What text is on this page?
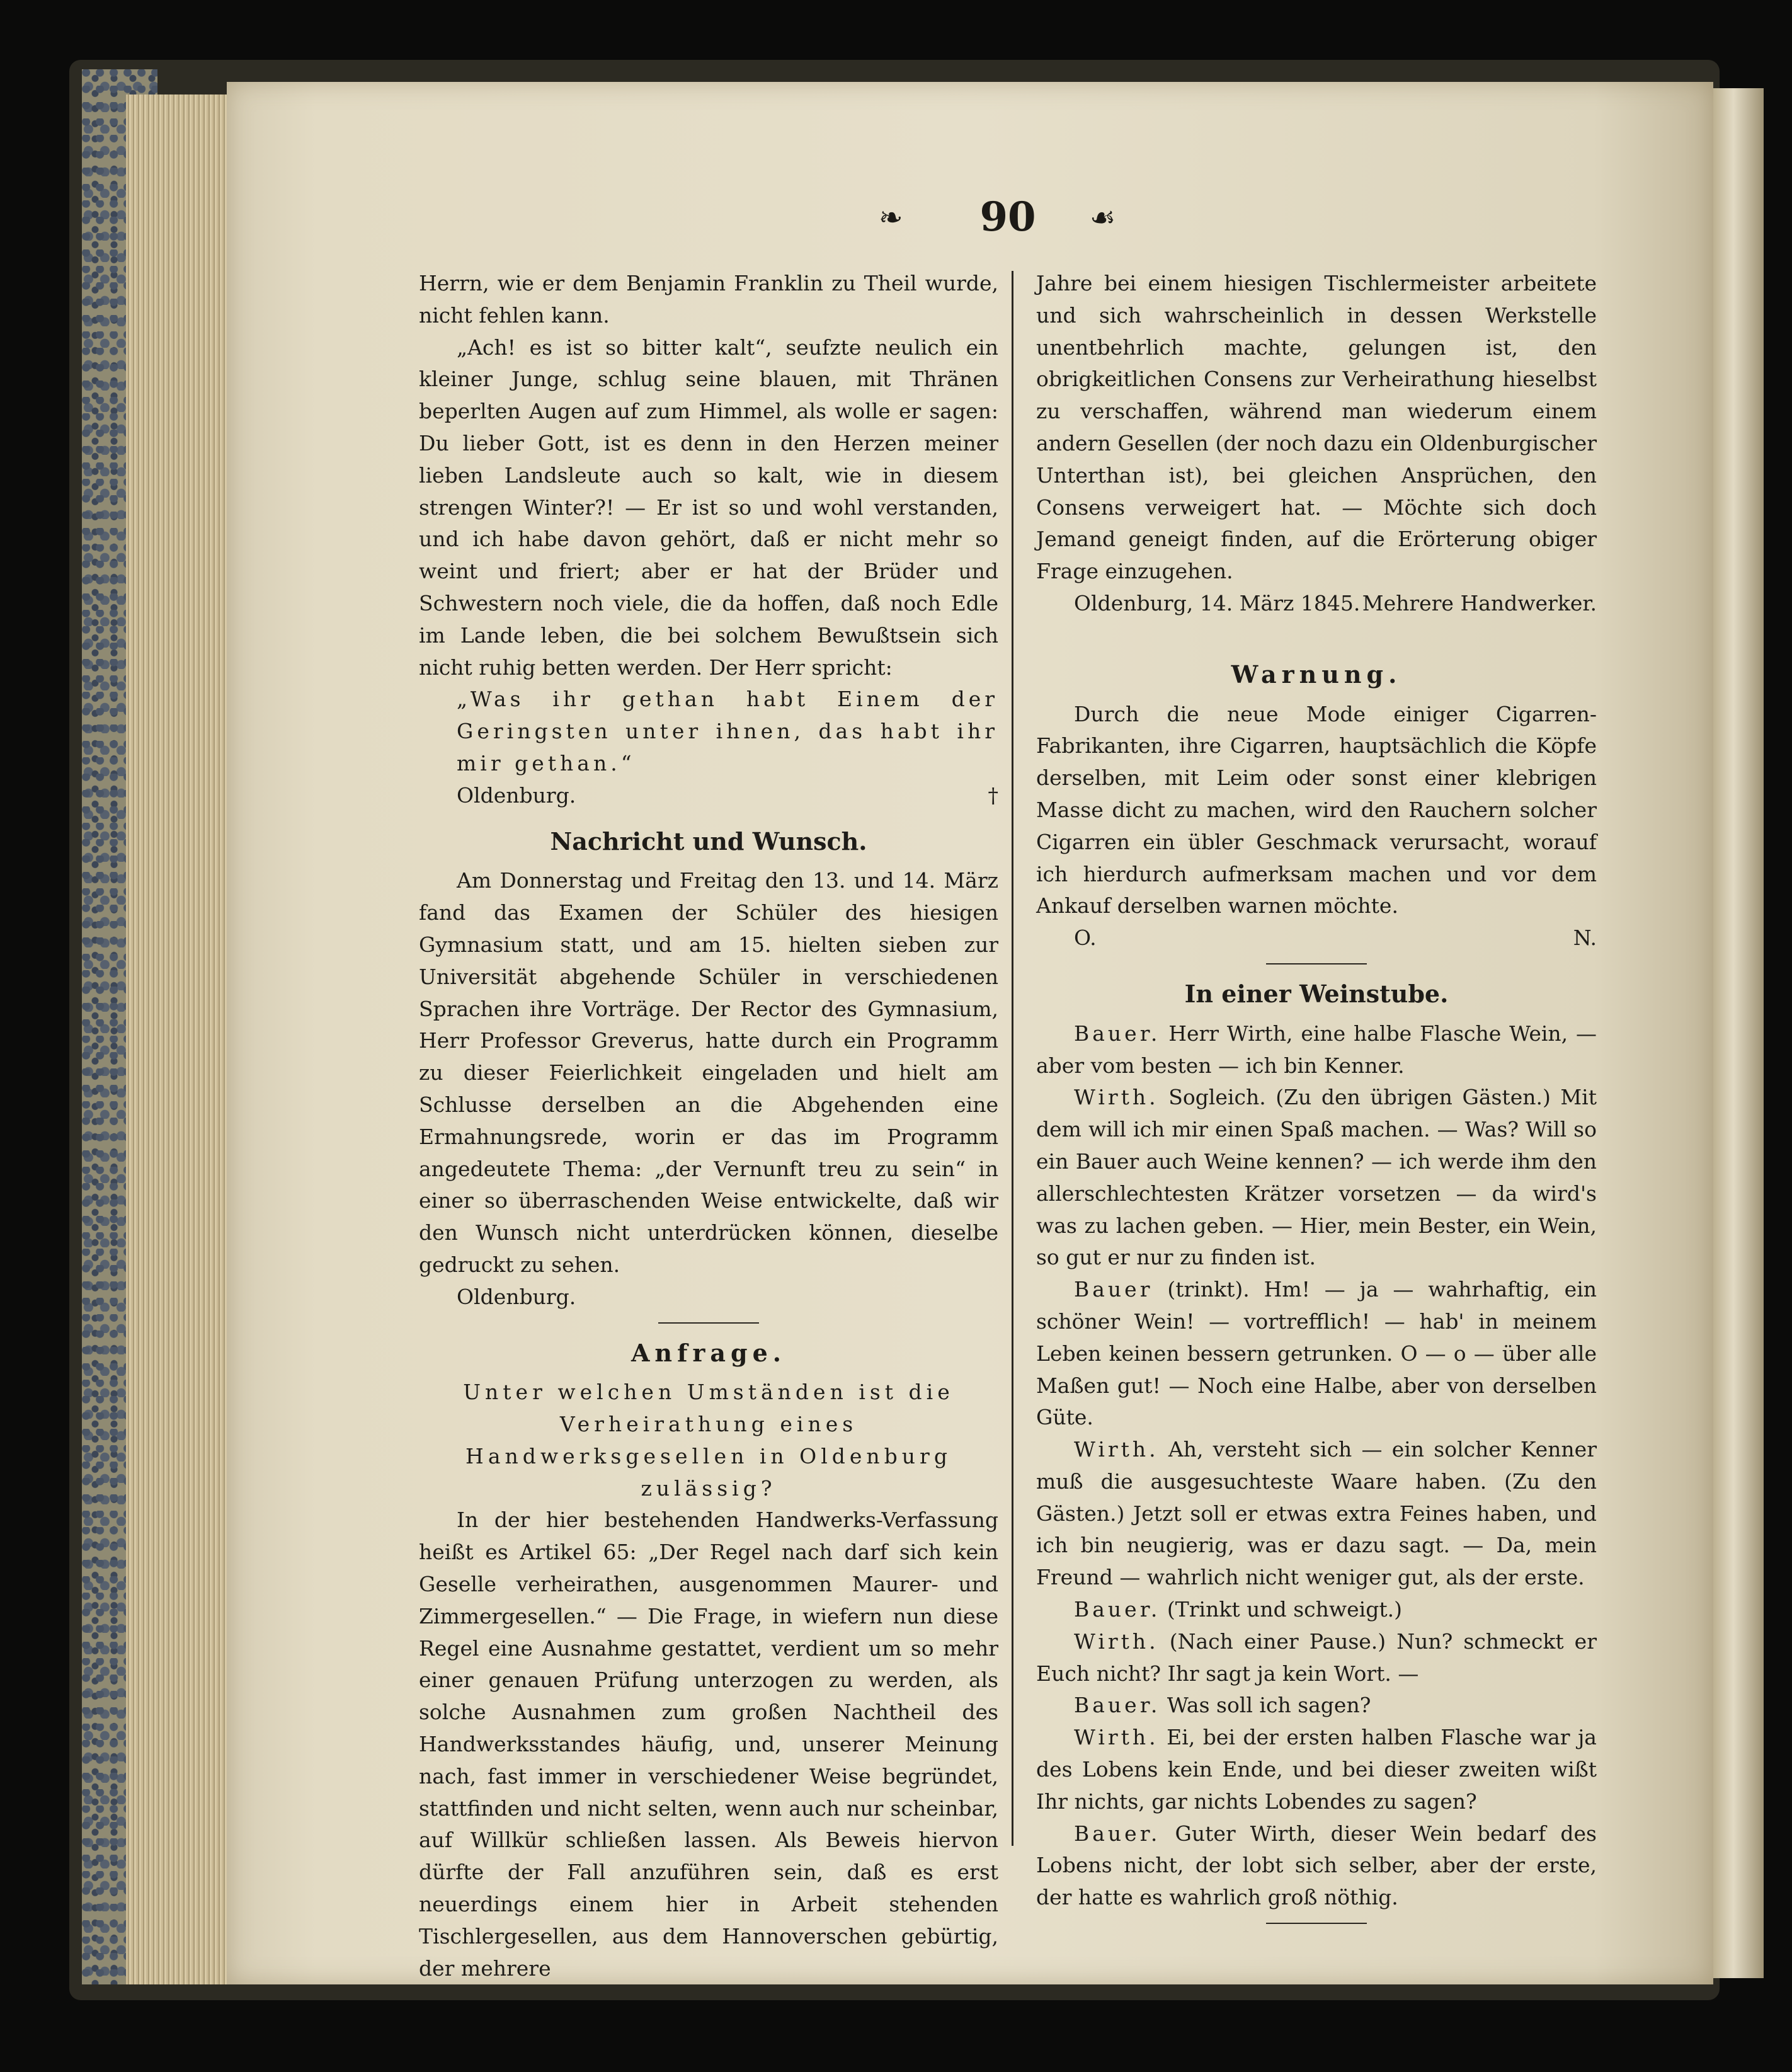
❧	90	☙

Herrn, wie er dem Benjamin Franklin zu Theil wurde, nicht fehlen kann.

„Ach! es ist so bitter kalt“, seufzte neulich ein kleiner Junge, schlug seine blauen, mit Thränen beperlten Augen auf zum Himmel, als wolle er sagen: Du lieber Gott, ist es denn in den Herzen meiner lieben Landsleute auch so kalt, wie in diesem strengen Winter?! — Er ist so und wohl verstanden, und ich habe davon gehört, daß er nicht mehr so weint und friert; aber er hat der Brüder und Schwestern noch viele, die da hoffen, daß noch Edle im Lande leben, die bei solchem Bewußtsein sich nicht ruhig betten werden. Der Herr spricht:

„Was ihr gethan habt Einem der Geringsten unter ihnen, das habt ihr mir gethan.“

Oldenburg.	†

Nachricht und Wunsch.

Am Donnerstag und Freitag den 13. und 14. März fand das Examen der Schüler des hiesigen Gymnasium statt, und am 15. hielten sieben zur Universität abgehende Schüler in verschiedenen Sprachen ihre Vorträge. Der Rector des Gymnasium, Herr Professor Greverus, hatte durch ein Programm zu dieser Feierlichkeit eingeladen und hielt am Schlusse derselben an die Abgehenden eine Ermahnungsrede, worin er das im Programm angedeutete Thema: „der Vernunft treu zu sein“ in einer so überraschenden Weise entwickelte, daß wir den Wunsch nicht unterdrücken können, dieselbe gedruckt zu sehen.

Oldenburg.

Anfrage.

Unter welchen Umständen ist die Verheirathung eines Handwerksgesellen in Oldenburg zulässig?

In der hier bestehenden Handwerks-Verfassung heißt es Artikel 65: „Der Regel nach darf sich kein Geselle verheirathen, ausgenommen Maurer- und Zimmergesellen.“ — Die Frage, in wiefern nun diese Regel eine Ausnahme gestattet, verdient um so mehr einer genauen Prüfung unterzogen zu werden, als solche Ausnahmen zum großen Nachtheil des Handwerksstandes häufig, und, unserer Meinung nach, fast immer in verschiedener Weise begründet, stattfinden und nicht selten, wenn auch nur scheinbar, auf Willkür schließen lassen. Als Beweis hiervon dürfte der Fall anzuführen sein, daß es erst neuerdings einem hier in Arbeit stehenden Tischlergesellen, aus dem Hannoverschen gebürtig, der mehrere

Jahre bei einem hiesigen Tischlermeister arbeitete und sich wahrscheinlich in dessen Werkstelle unentbehrlich machte, gelungen ist, den obrigkeitlichen Consens zur Verheirathung hieselbst zu verschaffen, während man wiederum einem andern Gesellen (der noch dazu ein Oldenburgischer Unterthan ist), bei gleichen Ansprüchen, den Consens verweigert hat. — Möchte sich doch Jemand geneigt finden, auf die Erörterung obiger Frage einzugehen.

Oldenburg, 14. März 1845. Mehrere Handwerker.

Warnung.

Durch die neue Mode einiger Cigarren-Fabrikanten, ihre Cigarren, hauptsächlich die Köpfe derselben, mit Leim oder sonst einer klebrigen Masse dicht zu machen, wird den Rauchern solcher Cigarren ein übler Geschmack verursacht, worauf ich hierdurch aufmerksam machen und vor dem Ankauf derselben warnen möchte.

O.	N.

In einer Weinstube.

Bauer. Herr Wirth, eine halbe Flasche Wein, — aber vom besten — ich bin Kenner.

Wirth. Sogleich. (Zu den übrigen Gästen.) Mit dem will ich mir einen Spaß machen. — Was? Will so ein Bauer auch Weine kennen? — ich werde ihm den allerschlechtesten Krätzer vorsetzen — da wird's was zu lachen geben. — Hier, mein Bester, ein Wein, so gut er nur zu finden ist.

Bauer (trinkt). Hm! — ja — wahrhaftig, ein schöner Wein! — vortrefflich! — hab' in meinem Leben keinen bessern getrunken. O — o — über alle Maßen gut! — Noch eine Halbe, aber von derselben Güte.

Wirth. Ah, versteht sich — ein solcher Kenner muß die ausgesuchteste Waare haben. (Zu den Gästen.) Jetzt soll er etwas extra Feines haben, und ich bin neugierig, was er dazu sagt. — Da, mein Freund — wahrlich nicht weniger gut, als der erste.

Bauer. (Trinkt und schweigt.)

Wirth. (Nach einer Pause.) Nun? schmeckt er Euch nicht? Ihr sagt ja kein Wort. —

Bauer. Was soll ich sagen?

Wirth. Ei, bei der ersten halben Flasche war ja des Lobens kein Ende, und bei dieser zweiten wißt Ihr nichts, gar nichts Lobendes zu sagen?

Bauer. Guter Wirth, dieser Wein bedarf des Lobens nicht, der lobt sich selber, aber der erste, der hatte es wahrlich groß nöthig.
